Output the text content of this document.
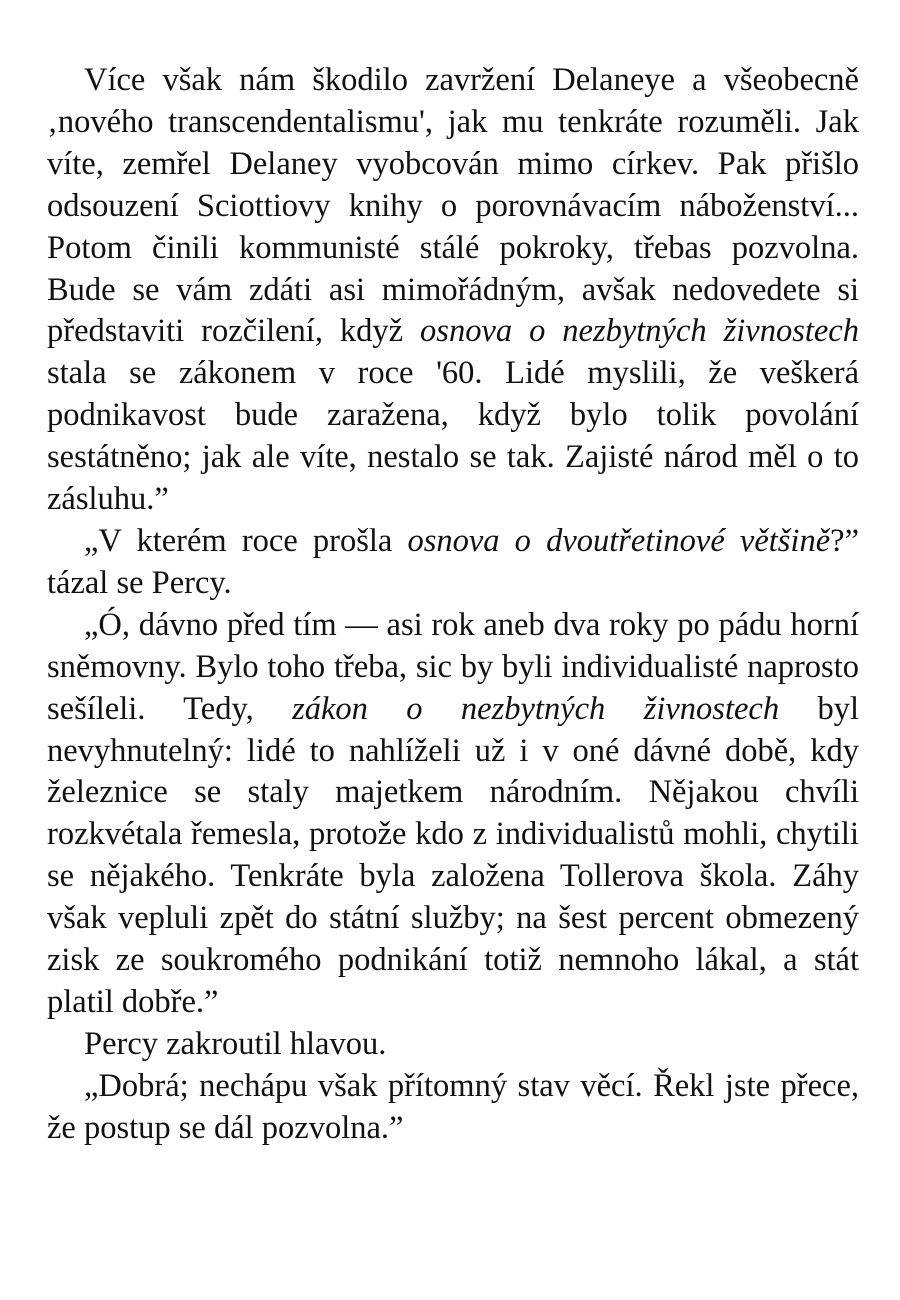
Více však nám škodilo zavržení Delaneye a všeobecně ‚nového transcendentalismu', jak mu tenkráte rozuměli. Jak víte, zemřel Delaney vyobcován mimo církev. Pak přišlo odsouzení Sciottiovy knihy o porovnávacím náboženství... Potom činili kommunisté stálé pokroky, třebas pozvolna. Bude se vám zdáti asi mimořádným, avšak nedovedete si představiti rozčilení, když osnova o nezbytných živnostech stala se zákonem v roce '60. Lidé myslili, že veškerá podnikavost bude zaražena, když bylo tolik povolání sestátněno; jak ale víte, nestalo se tak. Zajisté národ měl o to zásluhu.”

„V kterém roce prošla osnova o dvoutřetinové většině?” tázal se Percy.

„Ó, dávno před tím — asi rok aneb dva roky po pádu horní sněmovny. Bylo toho třeba, sic by byli individualisté naprosto sešíleli. Tedy, zákon o nezbytných živnostech byl nevyhnutelný: lidé to nahlíželi už i v oné dávné době, kdy železnice se staly majetkem národním. Nějakou chvíli rozkvétala řemesla, protože kdo z individualistů mohli, chytili se nějakého. Tenkráte byla založena Tollerova škola. Záhy však vepluli zpět do státní služby; na šest percent obmezený zisk ze soukromého podnikání totiž nemnoho lákal, a stát platil dobře.”

Percy zakroutil hlavou.

„Dobrá; nechápu však přítomný stav věcí. Řekl jste přece, že postup se dál pozvolna.”
